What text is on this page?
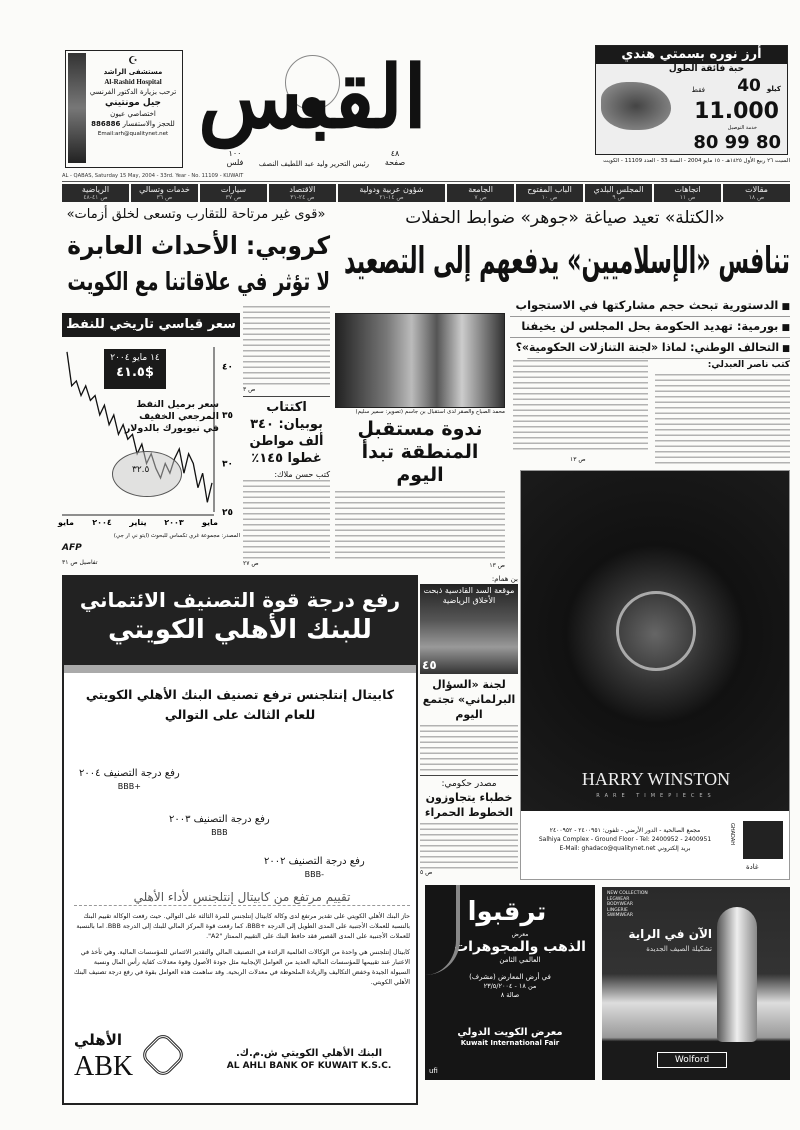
☪
مستشفى الراشد
Al-Rashid Hospital
ترحب بزيارة الدكتور الفرنسي
جيل مونتيني
اختصاصي عيون
للحجز والاستفسار 886886
Email:arh@qualitynet.net القبس
١٠٠
فلس
٤٨
صفحة
رئيس التحرير وليد عبد اللطيف النصف
أرز نوره بسمتي هندي
حبة فائقة الطول
كيلو 40
فقط
11.000
خدمة التوصيل
80 99 80
السبت ٢٦ ربيع الأول ١٤٢٥هـ - ١٥ مايو 2004 - السنة 33 - العدد 11109 - الكويت
AL - QABAS, Saturday 15 May, 2004 - 33rd. Year - No. 11109 - KUWAIT
مقالات
ص ١٨
اتجاهات
ص ١١
المجلس البلدي
ص ٩
الباب المفتوح
ص ١٠
الجامعة
ص ٧
شؤون عربية ودولية
ص ١٤-٢١
الاقتصاد
ص ٢٤-٣١
سيارات
ص ٣٧
خدمات وتسالي
ص ٣٦
الرياضية
ص ٤١-٤٨
«الكتلة» تعيد صياغة «جوهر» ضوابط الحفلات
تنافس «الإسلاميين» يدفعهم إلى التصعيد
■ الدستورية تبحث حجم مشاركتها في الاستجواب
■ بورمية: تهديد الحكومة بحل المجلس لن يخيفنا
■ التحالف الوطني: لماذا «لجنة التنازلات الحكومية»؟
كتب ناصر العبدلي:
ص ١٣
محمد الصباح والصقر لدى استقبال بن جاسم (تصوير: سمير سليم)
ندوة مستقبل المنطقة تبدأ اليوم
ص ١٣
«قوى غير مرتاحة للتقارب وتسعى لخلق أزمات»
كروبي: الأحداث العابرة
لا تؤثر في علاقاتنا مع الكويت
ص ٣
اكتتاب بوبيان: ٣٤٠ ألف مواطن غطوا ١٤٥٪
كتب حسن ملاك:
ص ٢٧
سعر قياسي تاريخي للنفط
٢٥
٣٠
٣٥
٤٠
مايو
٢٠٠٣
يناير
٢٠٠٤
مايو
١٤ مايو ٢٠٠٤
٤١.٥$
سعر برميل النفط المرجعي الخفيف في نيويورك بالدولار
٣٢.٥
المصدر: مجموعة غري تكساس للبحوث (ايتو ني ار جي)
AFP
تفاصيل ص ٣١
رفع درجة قوة التصنيف الائتماني
للبنك الأهلي الكويتي
كابيتال إنتلجنس ترفع تصنيف البنك الأهلي الكويتي
للعام الثالث على التوالي
رفع درجة التصنيف ٢٠٠٤
BBB+
رفع درجة التصنيف ٢٠٠٣
BBB
رفع درجة التصنيف ٢٠٠٢
BBB-
تقييم مرتفع من كابيتال إنتلجنس لأداء الأهلي
حاز البنك الأهلي الكويتي على تقدير مرتفع لدى وكالة كابيتال إنتلجنس للمرة الثالثة على التوالي. حيث رفعت الوكالة تقييم البنك بالنسبة للعملات الأجنبية على المدى الطويل إلى الدرجة +BBB، كما رفعت قوة المركز المالي للبنك إلى الدرجة BBB. اما بالنسبة للعملات الأجنبية على المدى القصير فقد حافظ البنك على التقييم الممتاز "A2".
كابيتال إنتلجنس هي واحدة من الوكالات العالمية الرائدة في التصنيف المالي والتقدير الائتماني للمؤسسات المالية. وهي تأخذ في الاعتبار عند تقييمها للمؤسسات المالية العديد من العوامل الإيجابية مثل جودة الأصول وقوة معدلات كفاية رأس المال ونسبة السيولة الجيدة وخفض التكاليف والزيادة الملحوظة في معدلات الربحية. وقد ساهمت هذه العوامل بقوة في رفع درجة تصنيف البنك الأهلي الكويتي.
الأهلي
ABK	البنك الأهلي الكويتي ش.م.ك.
AL AHLI BANK OF KUWAIT K.S.C.
بن همام:
موقعة السد القادسية ذبحت الأخلاق الرياضية
٤٥
لجنة «السؤال البرلماني» تجتمع اليوم
مصدر حكومي:
خطباء يتجاوزون الخطوط الحمراء
ص ٥
HARRY WINSTON
RARE TIMEPIECES
مجمع الصالحية - الدور الأرضي - تلفون: ٢٤٠٠٩٥١ - ٢٤٠٠٩٥٢
Salhiya Complex - Ground Floor - Tel: 2400952 - 2400951
E-Mail: ghadaco@qualitynet.net بريد إلكتروني
GHADAH
غادة
ترقبوا
معرض
الذهب والمجوهرات
العالمي الثامن
في أرض المعارض (مشرف)
من ١٨ - ٢٣/٥/٢٠٠٤
صالة ٨
معرض الكويت الدولي
Kuwait International Fair
ufi
NEW COLLECTION
LEGWEAR
BODYWEAR
LINGERIE
SWIMWEAR
الآن في الراية
تشكيلة الصيف الجديدة
Wolford
